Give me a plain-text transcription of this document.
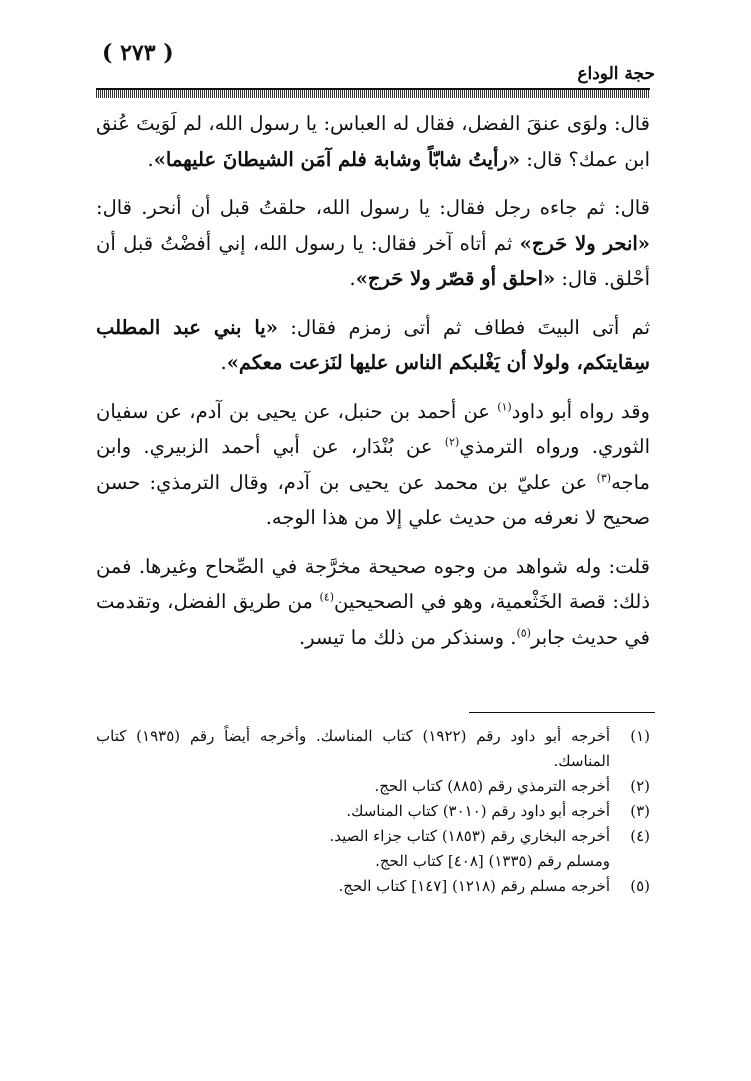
( ٢٧٣ )
حجة الوداع

قال: ولوَى عنقَ الفضل، فقال له العباس: يا رسول الله، لم لَوَيتَ عُنق ابن عمك؟ قال: «رأيتُ شابّاً وشابة فلم آمَن الشيطانَ عليهما».

قال: ثم جاءه رجل فقال: يا رسول الله، حلقتُ قبل أن أنحر. قال: «انحر ولا حَرج» ثم أتاه آخر فقال: يا رسول الله، إني أفضْتُ قبل أن أحْلق. قال: «احلق أو قصّر ولا حَرج».

ثم أتى البيتَ فطاف ثم أتى زمزم فقال: «يا بني عبد المطلب سِقايتكم، ولولا أن يَغْلبكم الناس عليها لنَزعت معكم».

وقد رواه أبو داود$^{(١)}$ عن أحمد بن حنبل، عن يحيى بن آدم، عن سفيان الثوري. ورواه الترمذي$^{(٢)}$ عن بُنْدَار، عن أبي أحمد الزبيري. وابن ماجه$^{(٣)}$ عن عليّ بن محمد عن يحيى بن آدم، وقال الترمذي: حسن صحيح لا نعرفه من حديث علي إلا من هذا الوجه.

قلت: وله شواهد من وجوه صحيحة مخرَّجة في الصِّحاح وغيرها. فمن ذلك: قصة الخَثْعمية، وهو في الصحيحين$^{(٤)}$ من طريق الفضل، وتقدمت في حديث جابر$^{(٥)}$. وسنذكر من ذلك ما تيسر.

(١)
أخرجه أبو داود رقم (١٩٢٢) كتاب المناسك. وأخرجه أيضاً رقم (١٩٣٥) كتاب المناسك.
(٢)
أخرجه الترمذي رقم (٨٨٥) كتاب الحج.
(٣)
أخرجه أبو داود رقم (٣٠١٠) كتاب المناسك.
(٤)
أخرجه البخاري رقم (١٨٥٣) كتاب جزاء الصيد.
ومسلم رقم (١٣٣٥) [٤٠٨] كتاب الحج.
(٥)
أخرجه مسلم رقم (١٢١٨) [١٤٧] كتاب الحج.
